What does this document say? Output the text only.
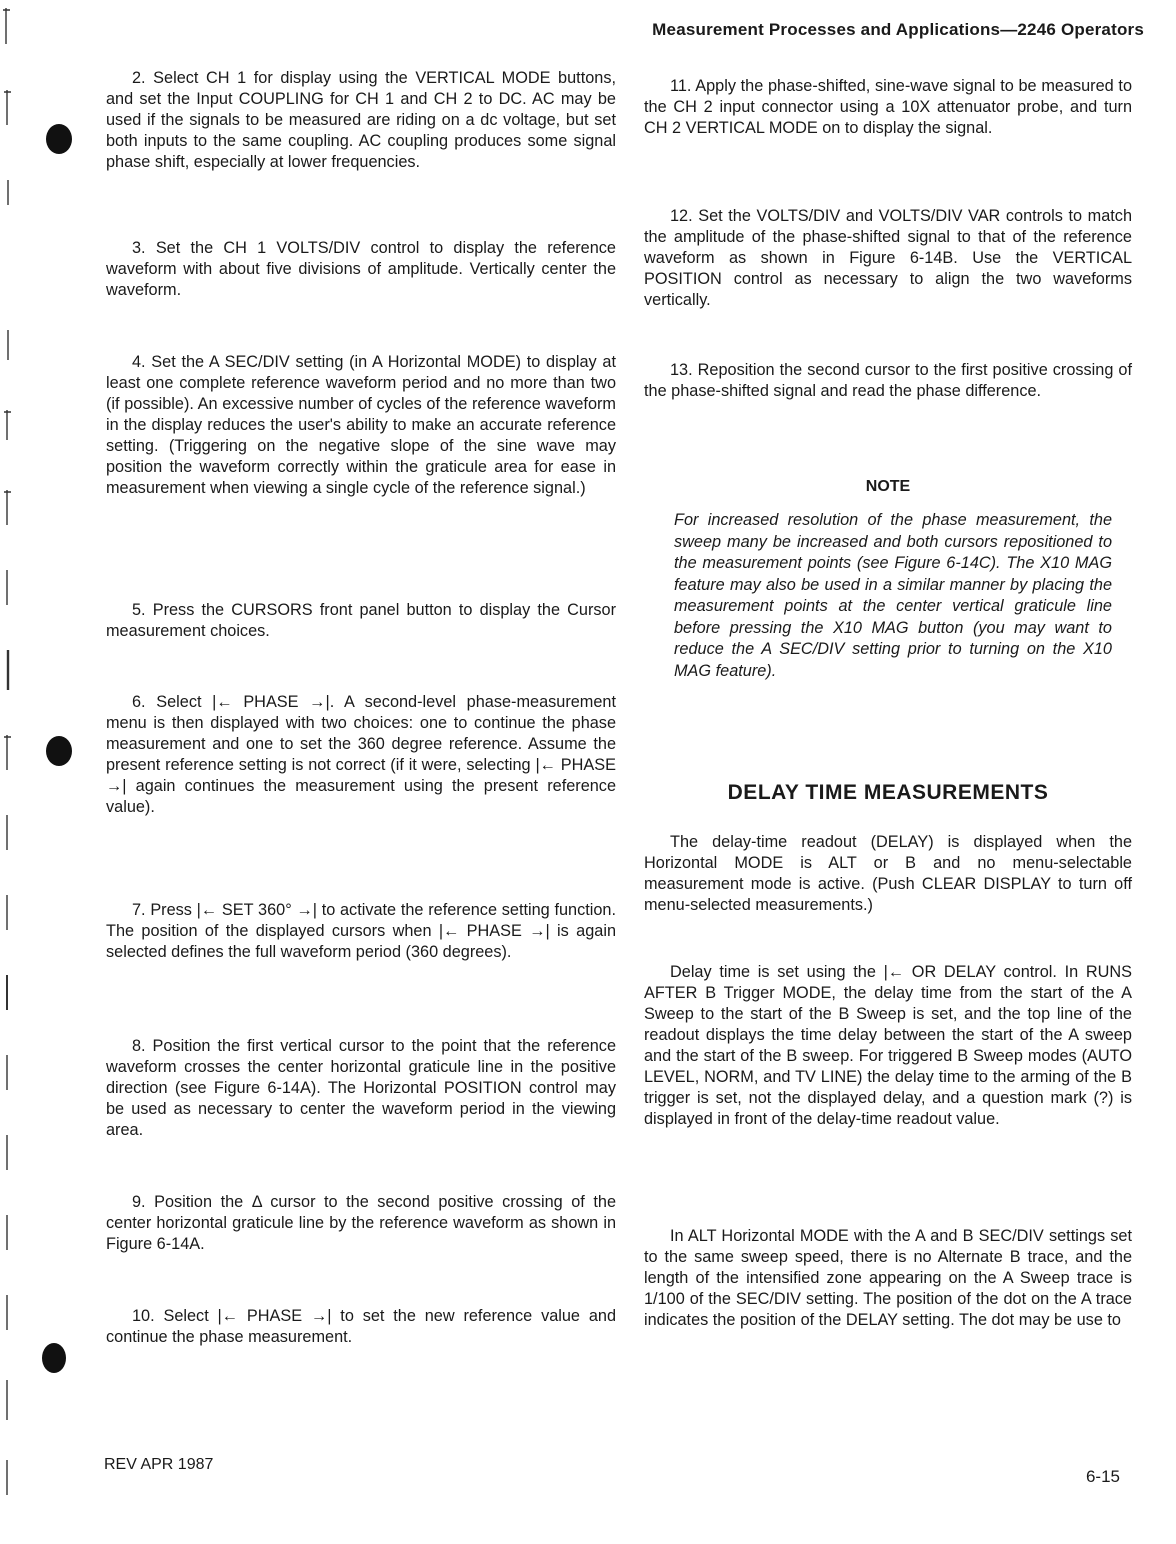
Measurement Processes and Applications—2246 Operators

2. Select CH 1 for display using the VERTICAL MODE buttons, and set the Input COUPLING for CH 1 and CH 2 to DC. AC may be used if the signals to be measured are riding on a dc voltage, but set both inputs to the same coupling. AC coupling produces some signal phase shift, especially at lower frequencies.

3. Set the CH 1 VOLTS/DIV control to display the reference waveform with about five divisions of amplitude. Vertically center the waveform.

4. Set the A SEC/DIV setting (in A Horizontal MODE) to display at least one complete reference waveform period and no more than two (if possible). An excessive number of cycles of the reference waveform in the display reduces the user's ability to make an accurate reference setting. (Triggering on the negative slope of the sine wave may position the waveform correctly within the graticule area for ease in measurement when viewing a single cycle of the reference signal.)

5. Press the CURSORS front panel button to display the Cursor measurement choices.

6. Select |← PHASE →|. A second-level phase-measurement menu is then displayed with two choices: one to continue the phase measurement and one to set the 360 degree reference. Assume the present reference setting is not correct (if it were, selecting |← PHASE →| again continues the measurement using the present reference value).

7. Press |← SET 360° →| to activate the reference setting function. The position of the displayed cursors when |← PHASE →| is again selected defines the full waveform period (360 degrees).

8. Position the first vertical cursor to the point that the reference waveform crosses the center horizontal graticule line in the positive direction (see Figure 6-14A). The Horizontal POSITION control may be used as necessary to center the waveform period in the viewing area.

9. Position the Δ cursor to the second positive crossing of the center horizontal graticule line by the reference waveform as shown in Figure 6-14A.

10. Select |← PHASE →| to set the new reference value and continue the phase measurement.

11. Apply the phase-shifted, sine-wave signal to be measured to the CH 2 input connector using a 10X attenuator probe, and turn CH 2 VERTICAL MODE on to display the signal.

12. Set the VOLTS/DIV and VOLTS/DIV VAR controls to match the amplitude of the phase-shifted signal to that of the reference waveform as shown in Figure 6-14B. Use the VERTICAL POSITION control as necessary to align the two waveforms vertically.

13. Reposition the second cursor to the first positive crossing of the phase-shifted signal and read the phase difference.

NOTE

For increased resolution of the phase measurement, the sweep many be increased and both cursors repositioned to the measurement points (see Figure 6-14C). The X10 MAG feature may also be used in a similar manner by placing the measurement points at the center vertical graticule line before pressing the X10 MAG button (you may want to reduce the A SEC/DIV setting prior to turning on the X10 MAG feature).

DELAY TIME MEASUREMENTS

The delay-time readout (DELAY) is displayed when the Horizontal MODE is ALT or B and no menu-selectable measurement mode is active. (Push CLEAR DISPLAY to turn off menu-selected measurements.)

Delay time is set using the |← OR DELAY control. In RUNS AFTER B Trigger MODE, the delay time from the start of the A Sweep to the start of the B Sweep is set, and the top line of the readout displays the time delay between the start of the A sweep and the start of the B sweep. For triggered B Sweep modes (AUTO LEVEL, NORM, and TV LINE) the delay time to the arming of the B trigger is set, not the displayed delay, and a question mark (?) is displayed in front of the delay-time readout value.

In ALT Horizontal MODE with the A and B SEC/DIV settings set to the same sweep speed, there is no Alternate B trace, and the length of the intensified zone appearing on the A Sweep trace is 1/100 of the SEC/DIV setting. The position of the dot on the A trace indicates the position of the DELAY setting. The dot may be use to

REV APR 1987
6-15
